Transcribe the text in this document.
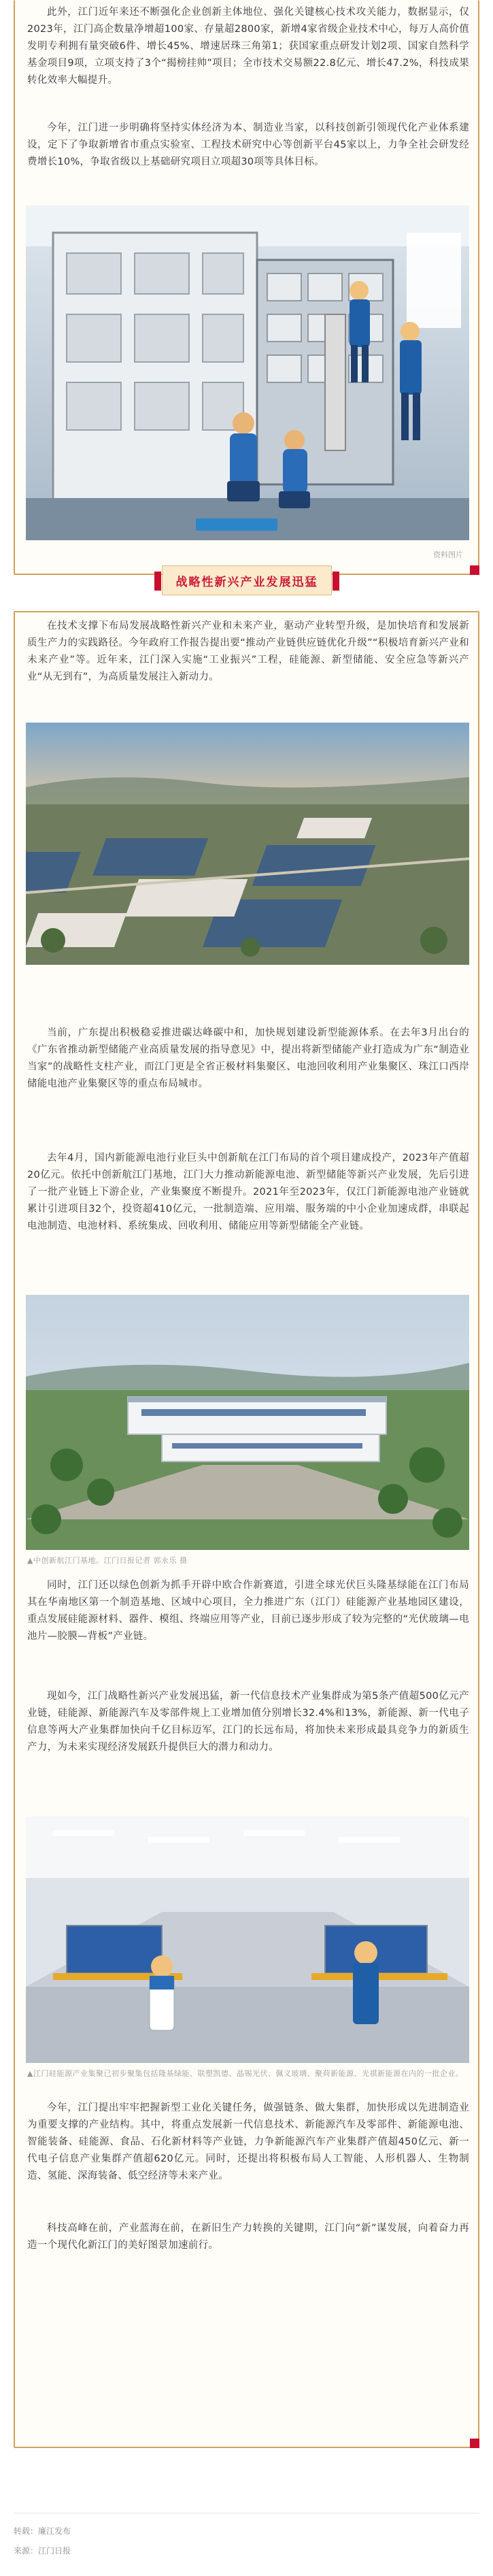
此外，江门近年来还不断强化企业创新主体地位、强化关键核心技术攻关能力，数据显示，仅2023年，江门高企数量净增超100家、存量超2800家，新增4家省级企业技术中心，每万人高价值发明专利拥有量突破6件、增长45%、增速居珠三角第1；获国家重点研发计划2项、国家自然科学基金项目9项，立项支持了3个“揭榜挂帅”项目；全市技术交易额22.8亿元、增长47.2%，科技成果转化效率大幅提升。

今年，江门进一步明确将坚持实体经济为本、制造业当家，以科技创新引领现代化产业体系建设，定下了争取新增省市重点实验室、工程技术研究中心等创新平台45家以上，力争全社会研发经费增长10%，争取省级以上基础研究项目立项超30项等具体目标。

资料图片
战略性新兴产业发展迅猛

在技术支撑下布局发展战略性新兴产业和未来产业，驱动产业转型升级，是加快培育和发展新质生产力的实践路径。今年政府工作报告提出要“推动产业链供应链优化升级”“积极培育新兴产业和未来产业”等。近年来，江门深入实施“工业振兴”工程，硅能源、新型储能、安全应急等新兴产业“从无到有”，为高质量发展注入新动力。

当前，广东提出积极稳妥推进碳达峰碳中和，加快规划建设新型能源体系。在去年3月出台的《广东省推动新型储能产业高质量发展的指导意见》中，提出将新型储能产业打造成为广东“制造业当家”的战略性支柱产业，而江门更是全省正极材料集聚区、电池回收利用产业集聚区、珠江口西岸储能电池产业集聚区等的重点布局城市。

去年4月，国内新能源电池行业巨头中创新航在江门布局的首个项目建成投产，2023年产值超20亿元。依托中创新航江门基地，江门大力推动新能源电池、新型储能等新兴产业发展，先后引进了一批产业链上下游企业，产业集聚度不断提升。2021年至2023年，仅江门新能源电池产业链就累计引进项目32个，投资超410亿元，一批制造端、应用端、服务端的中小企业加速成群，串联起电池制造、电池材料、系统集成、回收利用、储能应用等新型储能全产业链。

▲中创新航江门基地。江门日报记者 郭永乐 摄

同时，江门还以绿色创新为抓手开辟中欧合作新赛道，引进全球光伏巨头隆基绿能在江门布局其在华南地区第一个制造基地、区域中心项目，全力推进广东（江门）硅能源产业基地园区建设，重点发展硅能源材料、器件、模组、终端应用等产业，目前已逐步形成了较为完整的“光伏玻璃—电池片—胶膜—背板”产业链。

现如今，江门战略性新兴产业发展迅猛，新一代信息技术产业集群成为第5条产值超500亿元产业链，硅能源、新能源汽车及零部件规上工业增加值分别增长32.4%和13%，新能源、新一代电子信息等两大产业集群加快向千亿目标迈军，江门的长远布局，将加快未来形成最具竞争力的新质生产力，为未来实现经济发展跃升提供巨大的潜力和动力。

▲江门硅能源产业集聚已初步聚集包括隆基绿能、联塑凯德、晶锡光伏、佩义玻璃、聚荷新能源、光祺新能源在内的一批企业。

今年，江门提出牢牢把握新型工业化关键任务，做强链条、做大集群，加快形成以先进制造业为重要支撑的产业结构。其中，将重点发展新一代信息技术、新能源汽车及零部件、新能源电池、智能装备、硅能源、食品、石化新材料等产业链，力争新能源汽车产业集群产值超450亿元、新一代电子信息产业集群产值超620亿元。同时，还提出将积极布局人工智能、人形机器人、生物制造、氢能、深海装备、低空经济等未来产业。

科技高峰在前，产业蓝海在前，在新旧生产力转换的关键期，江门向“新”谋发展，向着奋力再造一个现代化新江门的美好图景加速前行。

转载：廉江发布
来源：江门日报
